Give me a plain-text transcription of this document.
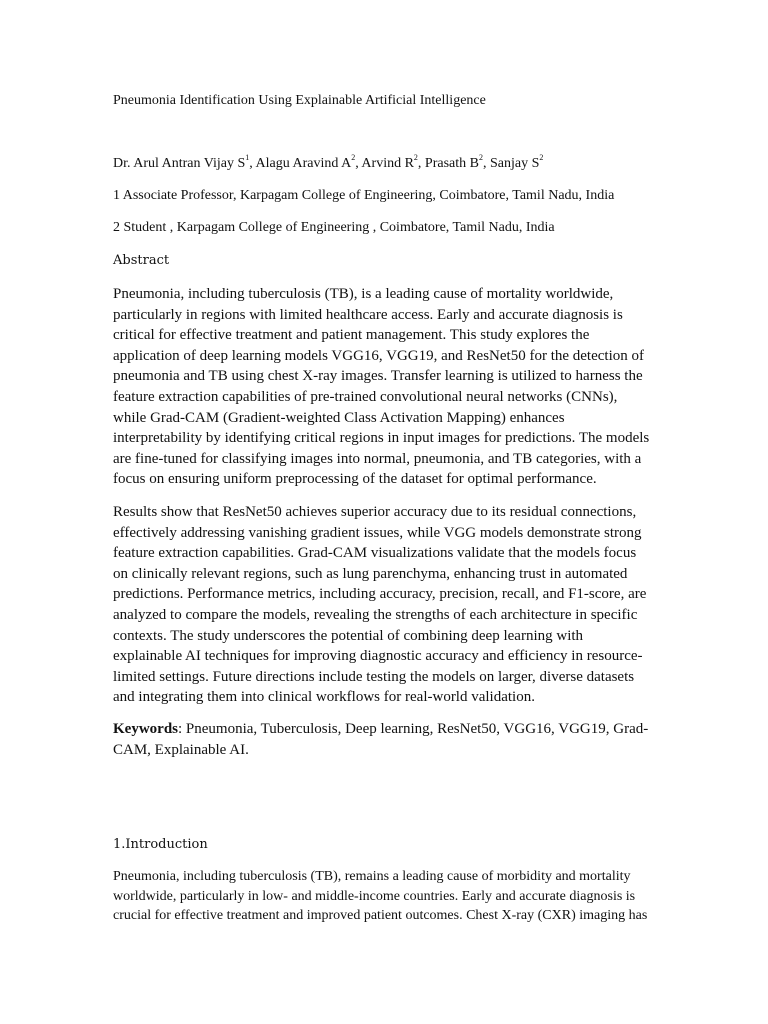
Pneumonia Identification Using Explainable Artificial Intelligence
Dr. Arul Antran Vijay $S^1$, Alagu Aravind $A^2$, Arvind $R^2$, Prasath $B^2$, Sanjay $S^2$
1 Associate Professor, Karpagam College of Engineering, Coimbatore, Tamil Nadu, India
2 Student , Karpagam College of Engineering , Coimbatore, Tamil Nadu, India
Abstract

Pneumonia, including tuberculosis (TB), is a leading cause of mortality worldwide, particularly in regions with limited healthcare access. Early and accurate diagnosis is critical for effective treatment and patient management. This study explores the application of deep learning models VGG16, VGG19, and ResNet50 for the detection of pneumonia and TB using chest X-ray images. Transfer learning is utilized to harness the feature extraction capabilities of pre-trained convolutional neural networks (CNNs), while Grad-CAM (Gradient-weighted Class Activation Mapping) enhances interpretability by identifying critical regions in input images for predictions. The models are fine-tuned for classifying images into normal, pneumonia, and TB categories, with a focus on ensuring uniform preprocessing of the dataset for optimal performance.

Results show that ResNet50 achieves superior accuracy due to its residual connections, effectively addressing vanishing gradient issues, while VGG models demonstrate strong feature extraction capabilities. Grad-CAM visualizations validate that the models focus on clinically relevant regions, such as lung parenchyma, enhancing trust in automated predictions. Performance metrics, including accuracy, precision, recall, and F1-score, are analyzed to compare the models, revealing the strengths of each architecture in specific contexts. The study underscores the potential of combining deep learning with explainable AI techniques for improving diagnostic accuracy and efficiency in resource-limited settings. Future directions include testing the models on larger, diverse datasets and integrating them into clinical workflows for real-world validation.

Keywords: Pneumonia, Tuberculosis, Deep learning, ResNet50, VGG16, VGG19, Grad-CAM, Explainable AI.
1.Introduction
Pneumonia, including tuberculosis (TB), remains a leading cause of morbidity and mortality worldwide, particularly in low- and middle-income countries. Early and accurate diagnosis is crucial for effective treatment and improved patient outcomes. Chest X-ray (CXR) imaging has
